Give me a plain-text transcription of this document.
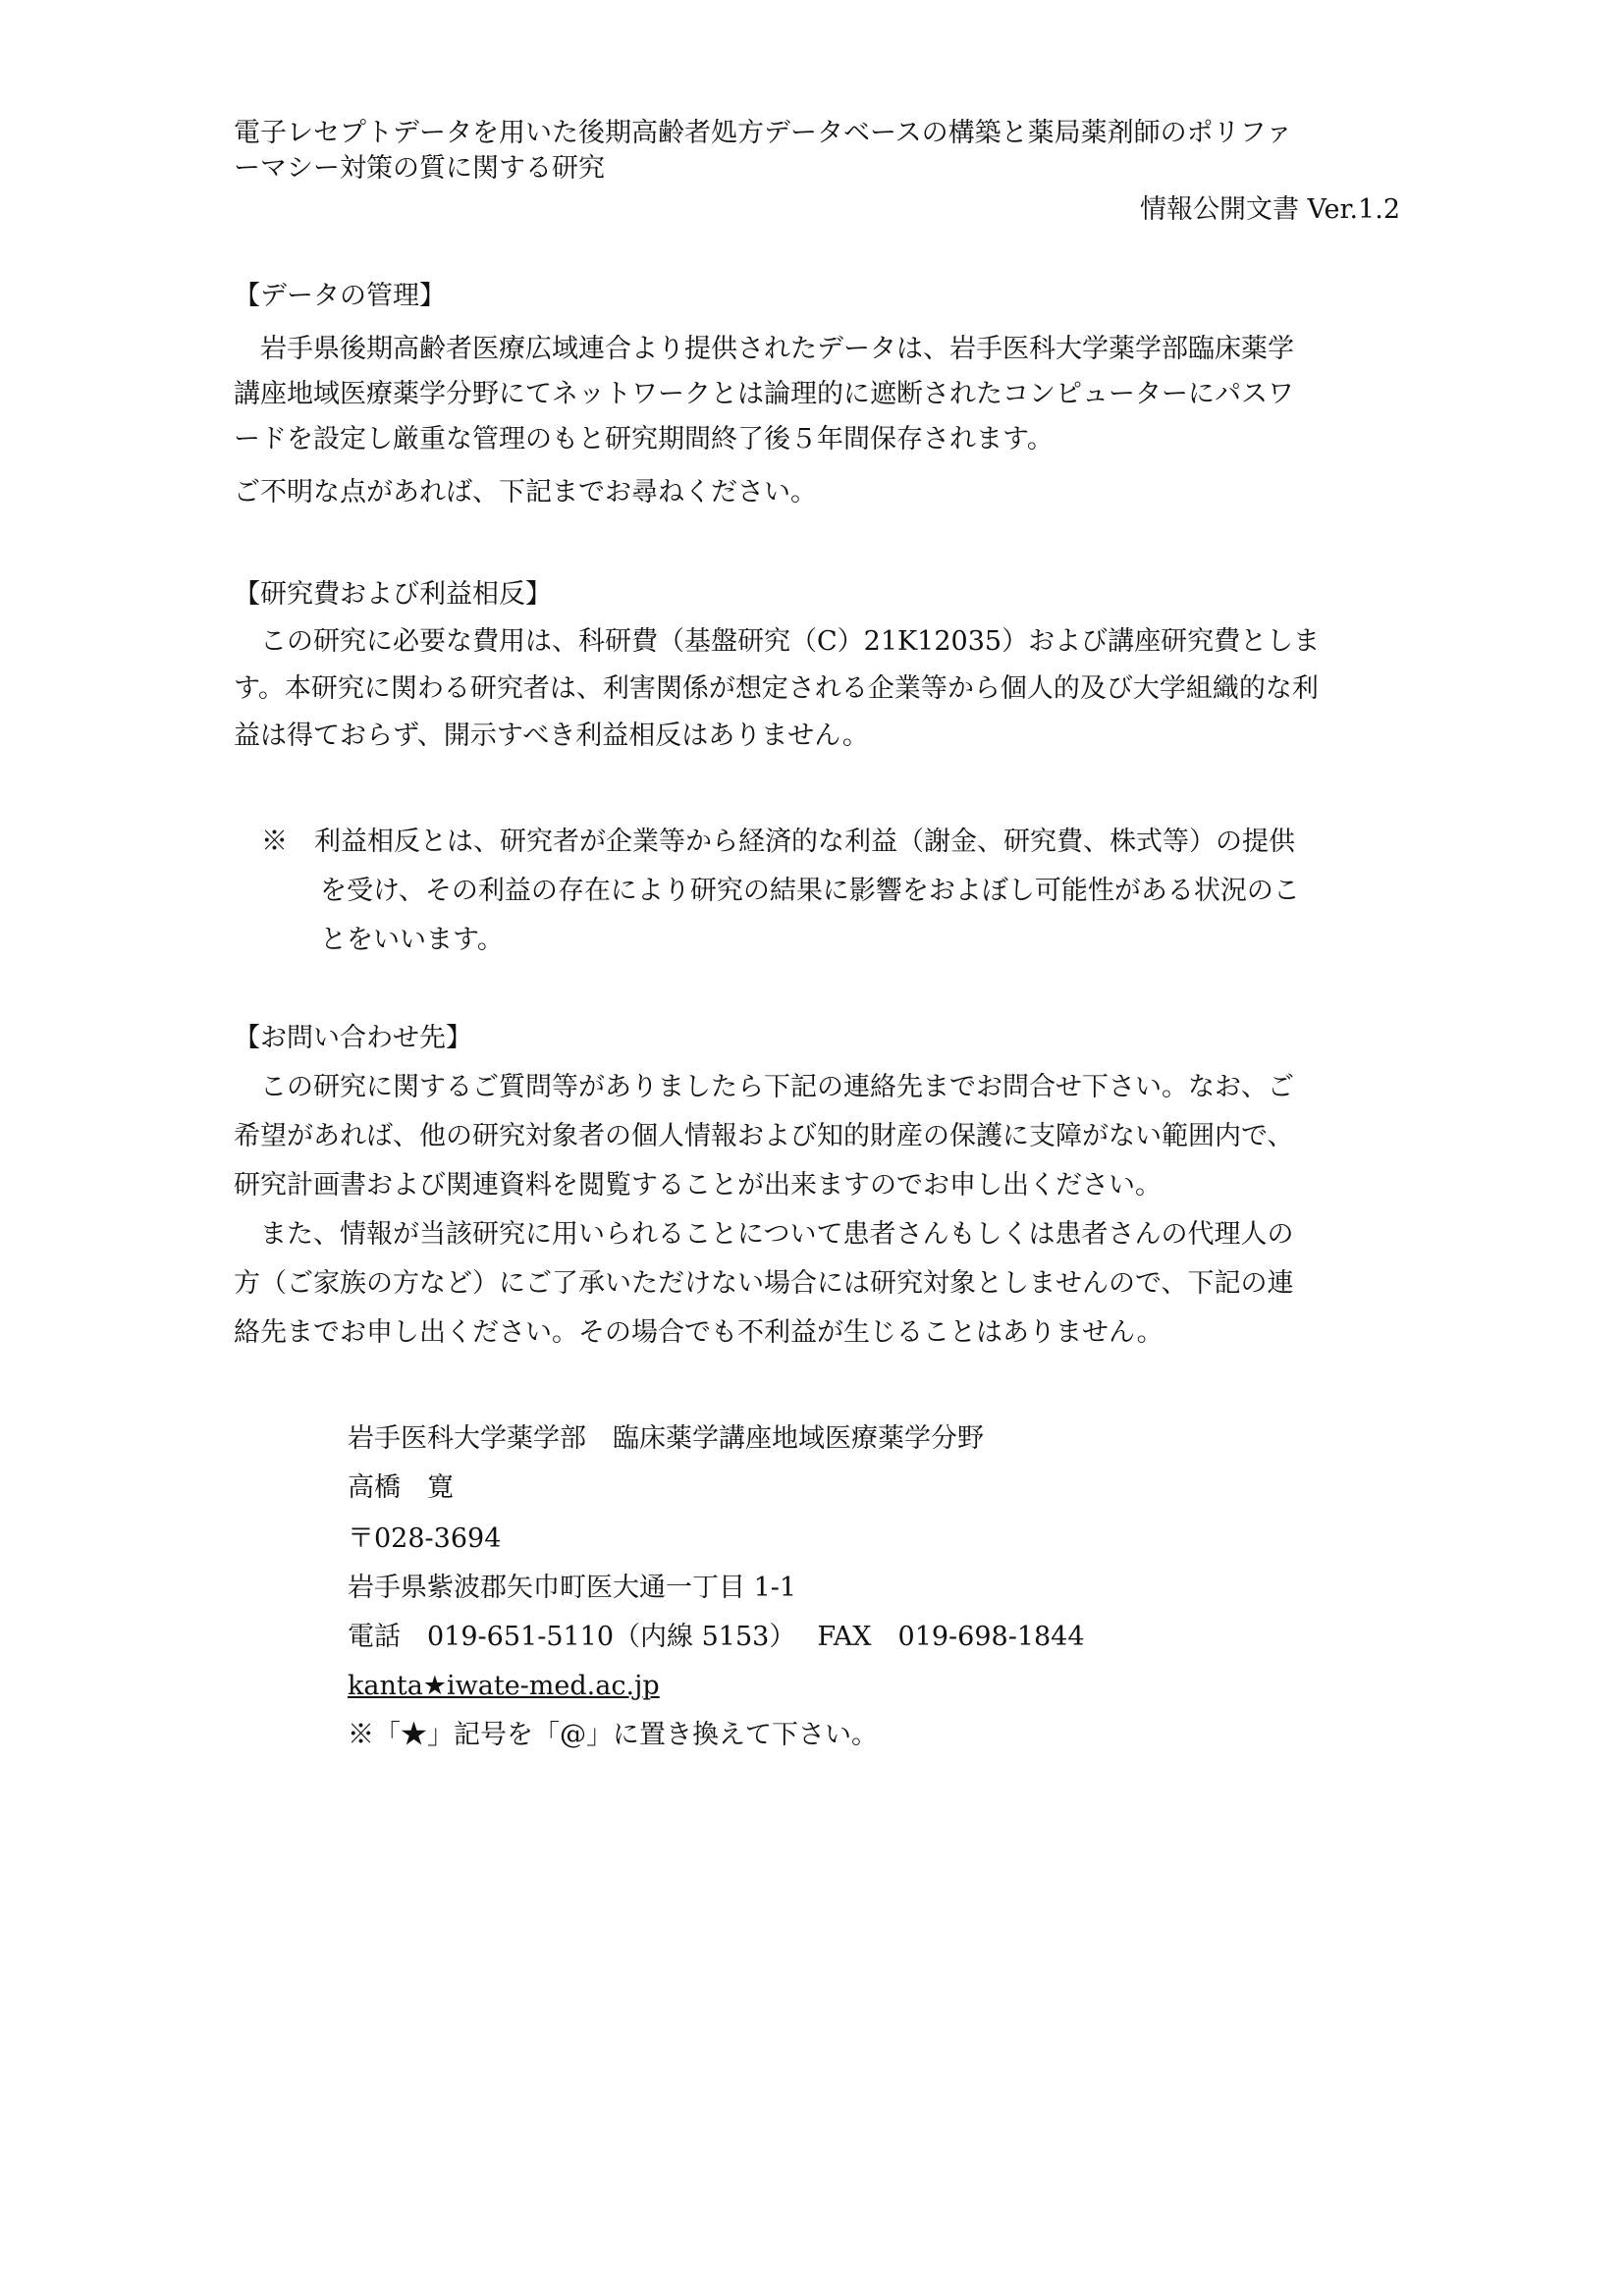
電子レセプトデータを用いた後期高齢者処方データベースの構築と薬局薬剤師のポリファ

ーマシー対策の質に関する研究

情報公開文書 Ver.1.2

【データの管理】

　岩手県後期高齢者医療広域連合より提供されたデータは、岩手医科大学薬学部臨床薬学

講座地域医療薬学分野にてネットワークとは論理的に遮断されたコンピューターにパスワ

ードを設定し厳重な管理のもと研究期間終了後５年間保存されます。

ご不明な点があれば、下記までお尋ねください。

【研究費および利益相反】

　この研究に必要な費用は、科研費（基盤研究（C）21K12035）および講座研究費としま

す。本研究に関わる研究者は、利害関係が想定される企業等から個人的及び大学組織的な利

益は得ておらず、開示すべき利益相反はありません。

※　利益相反とは、研究者が企業等から経済的な利益（謝金、研究費、株式等）の提供

を受け、その利益の存在により研究の結果に影響をおよぼし可能性がある状況のこ

とをいいます。

【お問い合わせ先】

　この研究に関するご質問等がありましたら下記の連絡先までお問合せ下さい。なお、ご

希望があれば、他の研究対象者の個人情報および知的財産の保護に支障がない範囲内で、

研究計画書および関連資料を閲覧することが出来ますのでお申し出ください。

　また、情報が当該研究に用いられることについて患者さんもしくは患者さんの代理人の

方（ご家族の方など）にご了承いただけない場合には研究対象としませんので、下記の連

絡先までお申し出ください。その場合でも不利益が生じることはありません。

岩手医科大学薬学部　臨床薬学講座地域医療薬学分野

高橋　寛

〒028-3694

岩手県紫波郡矢巾町医大通一丁目 1-1

電話　019-651-5110（内線 5153）　 FAX　019-698-1844

kanta★iwate-med.ac.jp

※「★」記号を「@」に置き換えて下さい。
